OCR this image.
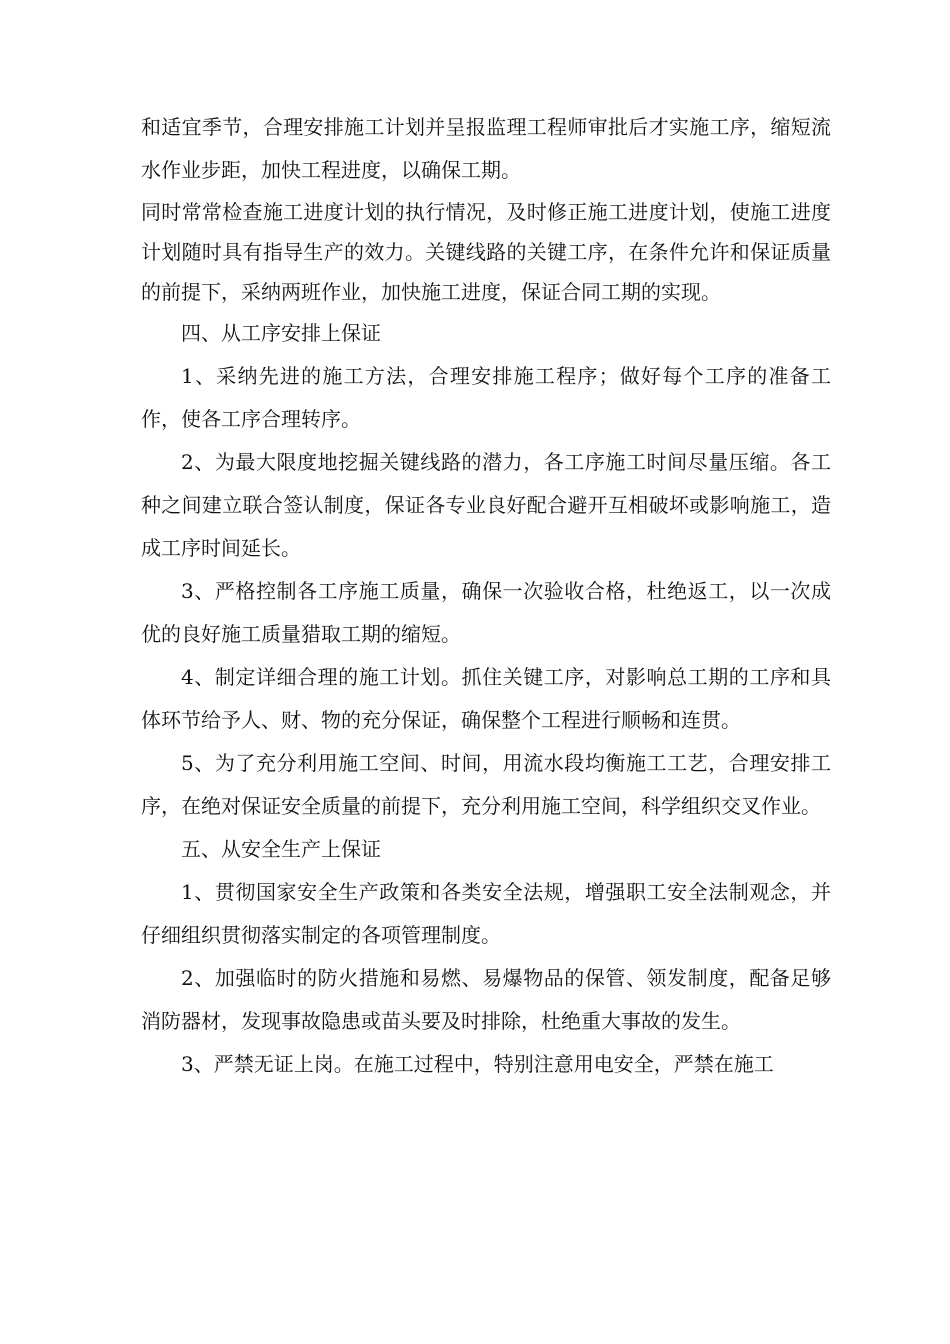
和适宜季节，合理安排施工计划并呈报监理工程师审批后才实施工序，缩短流水作业步距，加快工程进度，以确保工期。

同时常常检查施工进度计划的执行情况，及时修正施工进度计划，使施工进度计划随时具有指导生产的效力。关键线路的关键工序，在条件允许和保证质量的前提下，采纳两班作业，加快施工进度，保证合同工期的实现。

四、从工序安排上保证

1、采纳先进的施工方法，合理安排施工程序；做好每个工序的准备工作，使各工序合理转序。

2、为最大限度地挖掘关键线路的潜力，各工序施工时间尽量压缩。各工种之间建立联合签认制度，保证各专业良好配合避开互相破坏或影响施工，造成工序时间延长。

3、严格控制各工序施工质量，确保一次验收合格，杜绝返工，以一次成优的良好施工质量猎取工期的缩短。

4、制定详细合理的施工计划。抓住关键工序，对影响总工期的工序和具体环节给予人、财、物的充分保证，确保整个工程进行顺畅和连贯。

5、为了充分利用施工空间、时间，用流水段均衡施工工艺，合理安排工序，在绝对保证安全质量的前提下，充分利用施工空间，科学组织交叉作业。

五、从安全生产上保证

1、贯彻国家安全生产政策和各类安全法规，增强职工安全法制观念，并仔细组织贯彻落实制定的各项管理制度。

2、加强临时的防火措施和易燃、易爆物品的保管、领发制度，配备足够消防器材，发现事故隐患或苗头要及时排除，杜绝重大事故的发生。

3、严禁无证上岗。在施工过程中，特别注意用电安全，严禁在施工
